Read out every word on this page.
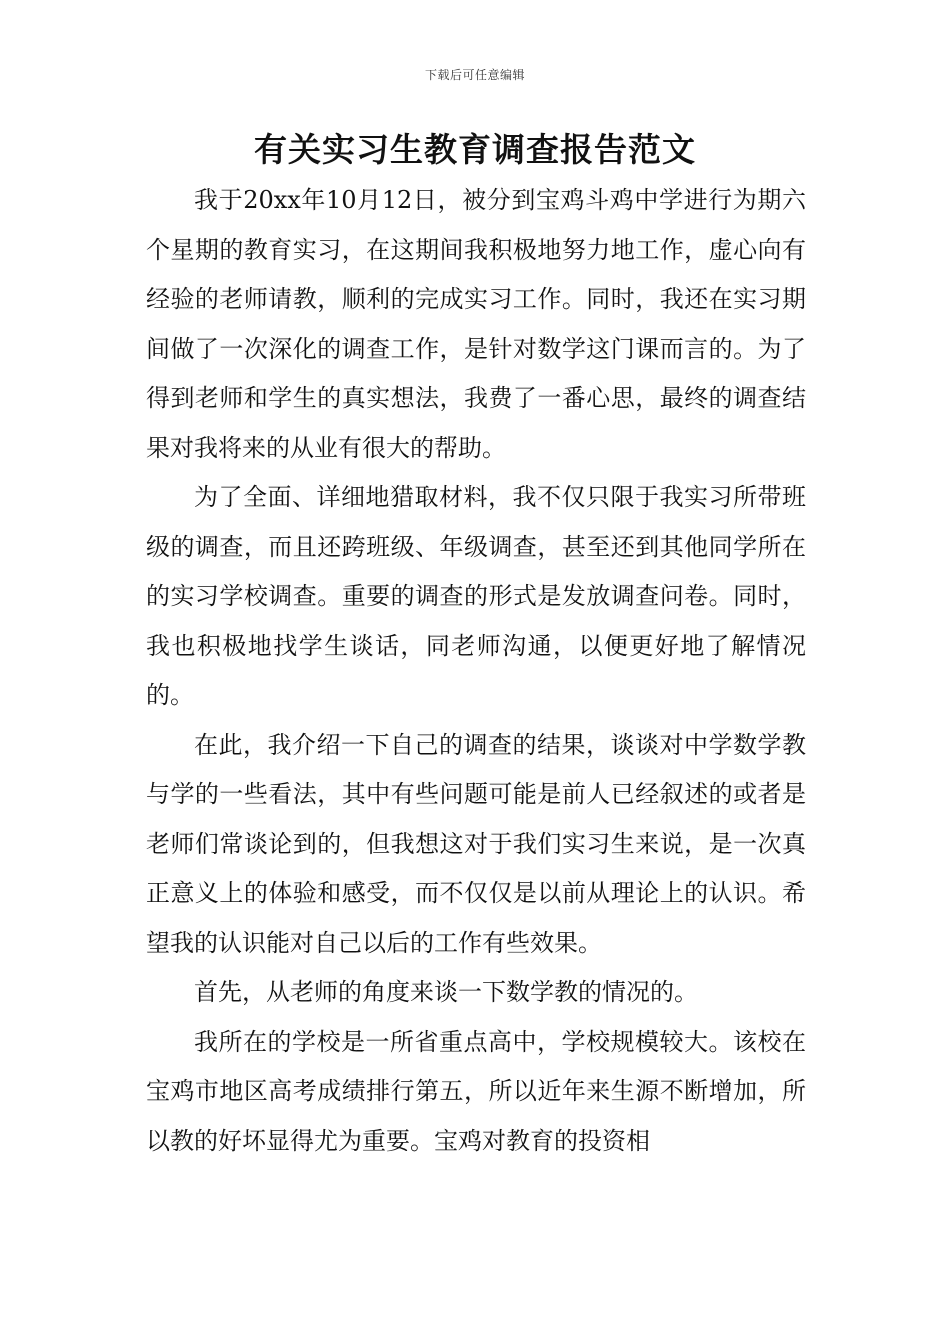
下载后可任意编辑
有关实习生教育调查报告范文

我于20xx年10月12日，被分到宝鸡斗鸡中学进行为期六个星期的教育实习，在这期间我积极地努力地工作，虚心向有经验的老师请教，顺利的完成实习工作。同时，我还在实习期间做了一次深化的调查工作，是针对数学这门课而言的。为了得到老师和学生的真实想法，我费了一番心思，最终的调查结果对我将来的从业有很大的帮助。

为了全面、详细地猎取材料，我不仅只限于我实习所带班级的调查，而且还跨班级、年级调查，甚至还到其他同学所在的实习学校调查。重要的调查的形式是发放调查问卷。同时，我也积极地找学生谈话，同老师沟通，以便更好地了解情况的。

在此，我介绍一下自己的调查的结果，谈谈对中学数学教与学的一些看法，其中有些问题可能是前人已经叙述的或者是老师们常谈论到的，但我想这对于我们实习生来说，是一次真正意义上的体验和感受，而不仅仅是以前从理论上的认识。希望我的认识能对自己以后的工作有些效果。

首先，从老师的角度来谈一下数学教的情况的。

我所在的学校是一所省重点高中，学校规模较大。该校在宝鸡市地区高考成绩排行第五，所以近年来生源不断增加，所以教的好坏显得尤为重要。宝鸡对教育的投资相
